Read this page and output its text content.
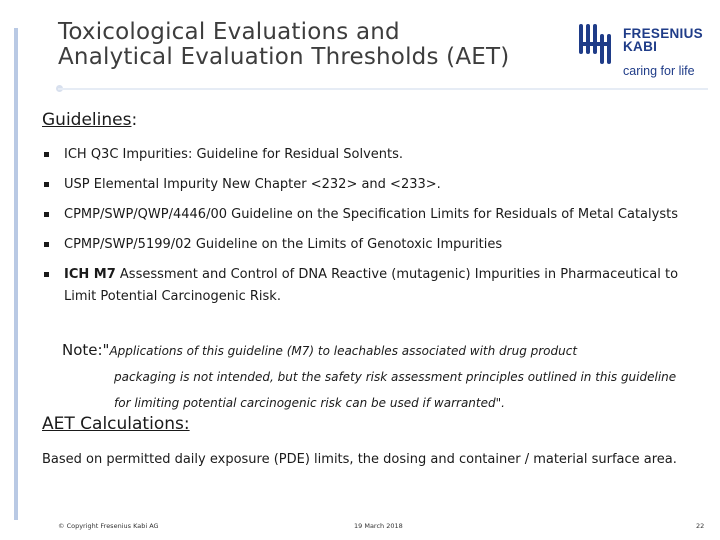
Toxicological Evaluations and
Analytical Evaluation Thresholds (AET)
FRESENIUS
KABI
caring for life
Guidelines:
ICH Q3C Impurities: Guideline for Residual Solvents.
USP Elemental Impurity New Chapter <232> and <233>.
CPMP/SWP/QWP/4446/00 Guideline on the Specification Limits for Residuals of Metal Catalysts
CPMP/SWP/5199/02 Guideline on the Limits of Genotoxic Impurities
ICH M7 Assessment and Control of DNA Reactive (mutagenic) Impurities in Pharmaceutical to Limit Potential Carcinogenic Risk.
Note:"Applications of this guideline (M7) to leachables associated with drug product
packaging is not intended, but the safety risk assessment principles outlined in this guideline for limiting potential carcinogenic risk can be used if warranted".
AET Calculations:

Based on permitted daily exposure (PDE) limits, the dosing and container / material surface area.

© Copyright Fresenius Kabi AG	19 March 2018	22
